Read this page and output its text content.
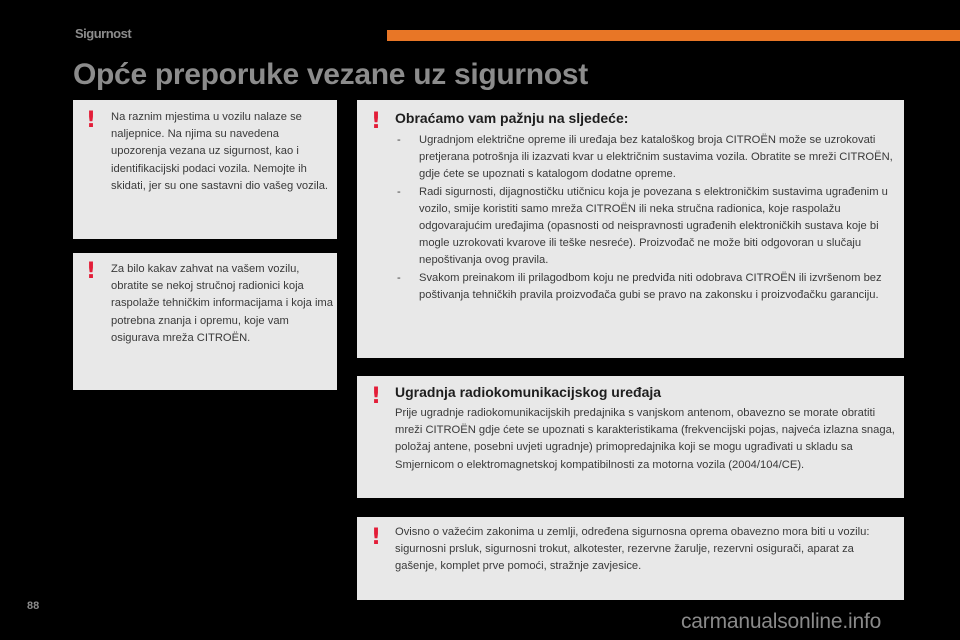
Sigurnost
Opće preporuke vezane uz sigurnost
! Na raznim mjestima u vozilu nalaze se naljepnice. Na njima su navedena upozorenja vezana uz sigurnost, kao i identifikacijski podaci vozila. Nemojte ih skidati, jer su one sastavni dio vašeg vozila.
! Za bilo kakav zahvat na vašem vozilu, obratite se nekoj stručnoj radionici koja raspolaže tehničkim informacijama i koja ima potrebna znanja i opremu, koje vam osigurava mreža CITROËN.
! Obraćamo vam pažnju na sljedeće:
- Ugradnjom električne opreme ili uređaja bez kataloškog broja CITROËN može se uzrokovati pretjerana potrošnja ili izazvati kvar u električnim sustavima vozila. Obratite se mreži CITROËN, gdje ćete se upoznati s katalogom dodatne opreme.
- Radi sigurnosti, dijagnostičku utičnicu koja je povezana s elektroničkim sustavima ugrađenim u vozilo, smije koristiti samo mreža CITROËN ili neka stručna radionica, koje raspolažu odgovarajućim uređajima (opasnosti od neispravnosti ugrađenih elektroničkih sustava koje bi mogle uzrokovati kvarove ili teške nesreće). Proizvođač ne može biti odgovoran u slučaju nepoštivanja ovog pravila.
- Svakom preinakom ili prilagodbom koju ne predviđa niti odobrava CITROËN ili izvršenom bez poštivanja tehničkih pravila proizvođača gubi se pravo na zakonsku i proizvođačku garanciju.
! Ugradnja radiokomunikacijskog uređaja
Prije ugradnje radiokomunikacijskih predajnika s vanjskom antenom, obavezno se morate obratiti mreži CITROËN gdje ćete se upoznati s karakteristikama (frekvencijski pojas, najveća izlazna snaga, položaj antene, posebni uvjeti ugradnje) primopredajnika koji se mogu ugrađivati u skladu sa Smjernicom o elektromagnetskoj kompatibilnosti za motorna vozila (2004/104/CE).
! Ovisno o važećim zakonima u zemlji, određena sigurnosna oprema obavezno mora biti u vozilu: sigurnosni prsluk, sigurnosni trokut, alkotester, rezervne žarulje, rezervni osigurači, aparat za gašenje, komplet prve pomoći, stražnje zavjesice.
88
carmanualsonline.info
